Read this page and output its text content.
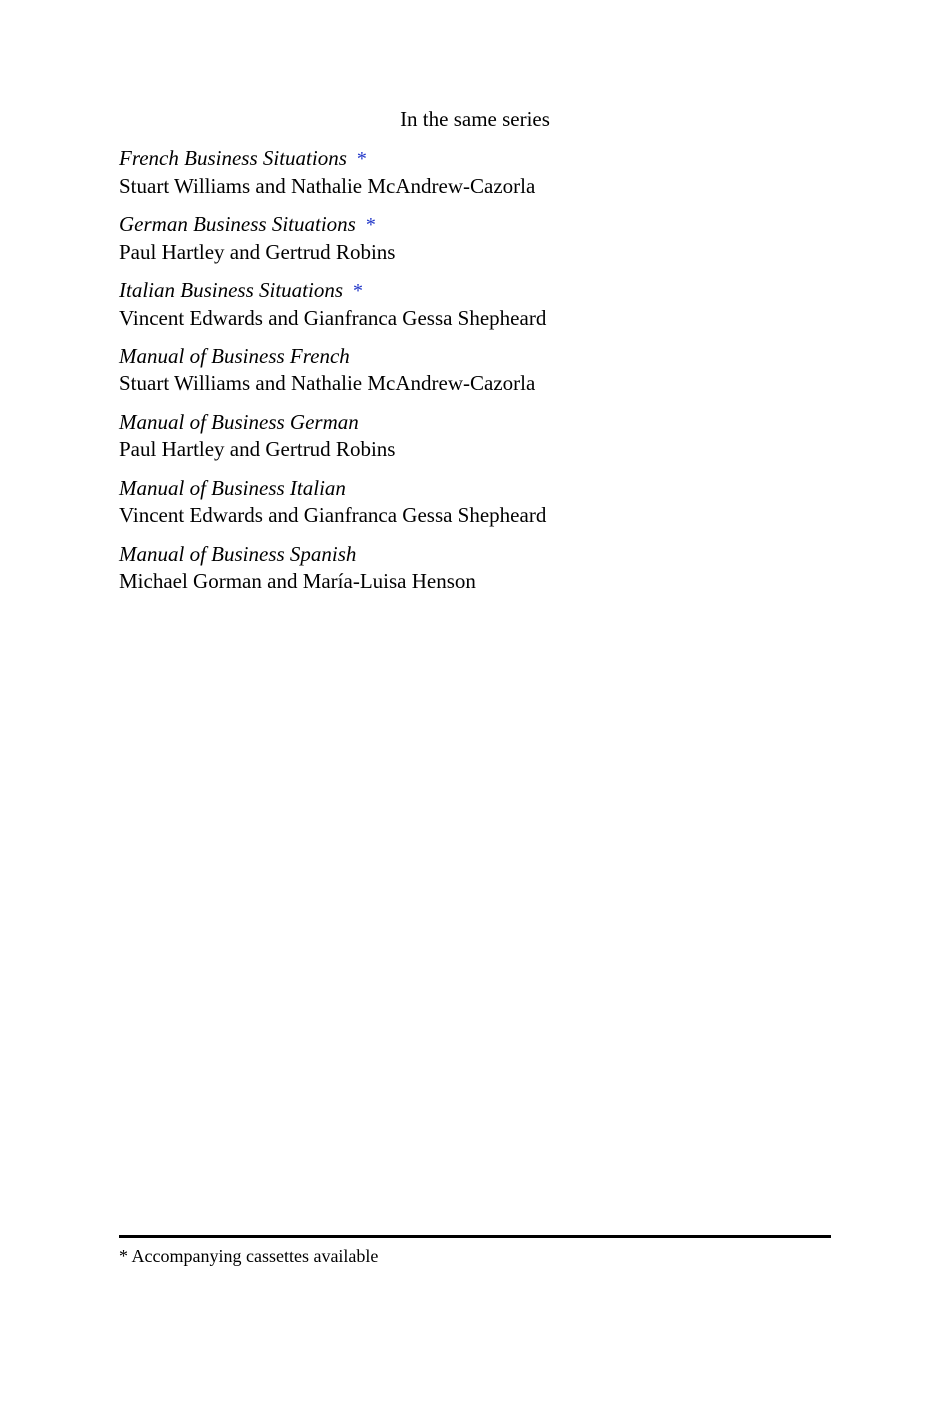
In the same series
French Business Situations *
Stuart Williams and Nathalie McAndrew-Cazorla
German Business Situations *
Paul Hartley and Gertrud Robins
Italian Business Situations *
Vincent Edwards and Gianfranca Gessa Shepheard
Manual of Business French
Stuart Williams and Nathalie McAndrew-Cazorla
Manual of Business German
Paul Hartley and Gertrud Robins
Manual of Business Italian
Vincent Edwards and Gianfranca Gessa Shepheard
Manual of Business Spanish
Michael Gorman and María-Luisa Henson
* Accompanying cassettes available
